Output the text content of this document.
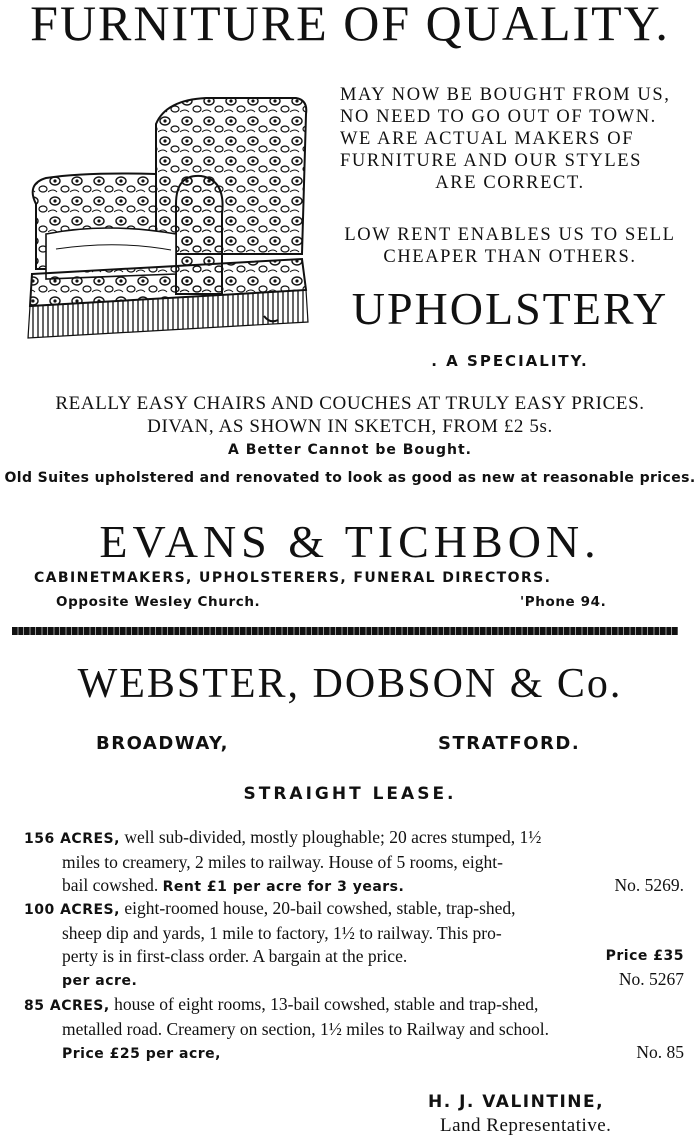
FURNITURE OF QUALITY.
MAY NOW BE BOUGHT FROM US,
NO NEED TO GO OUT OF TOWN.
WE ARE ACTUAL MAKERS OF
FURNITURE AND OUR STYLES
ARE CORRECT.
LOW RENT ENABLES US TO SELL
CHEAPER THAN OTHERS.
UPHOLSTERY
. A SPECIALITY.
REALLY EASY CHAIRS AND COUCHES AT TRULY EASY PRICES.
DIVAN, AS SHOWN IN SKETCH, FROM £2 5s.
A Better Cannot be Bought.
Old Suites upholstered and renovated to look as good as new at reasonable prices.
EVANS & TICHBON.
CABINETMAKERS, UPHOLSTERERS, FUNERAL DIRECTORS.
Opposite Wesley Church.	'Phone 94.
WEBSTER, DOBSON & Co.
BROADWAY,	STRATFORD.
STRAIGHT LEASE.
156 ACRES, well sub-divided, mostly ploughable; 20 acres stumped, 1½
miles to creamery, 2 miles to railway. House of 5 rooms, eight-
bail cowshed. Rent £1 per acre for 3 years.	No. 5269.
100 ACRES, eight-roomed house, 20-bail cowshed, stable, trap-shed,
sheep dip and yards, 1 mile to factory, 1½ to railway. This pro-
perty is in first-class order. A bargain at the price.	Price £35
per acre.	No. 5267
85 ACRES, house of eight rooms, 13-bail cowshed, stable and trap-shed,
metalled road. Creamery on section, 1½ miles to Railway and school.
Price £25 per acre,	No. 85
H. J. VALINTINE,
Land Representative.
